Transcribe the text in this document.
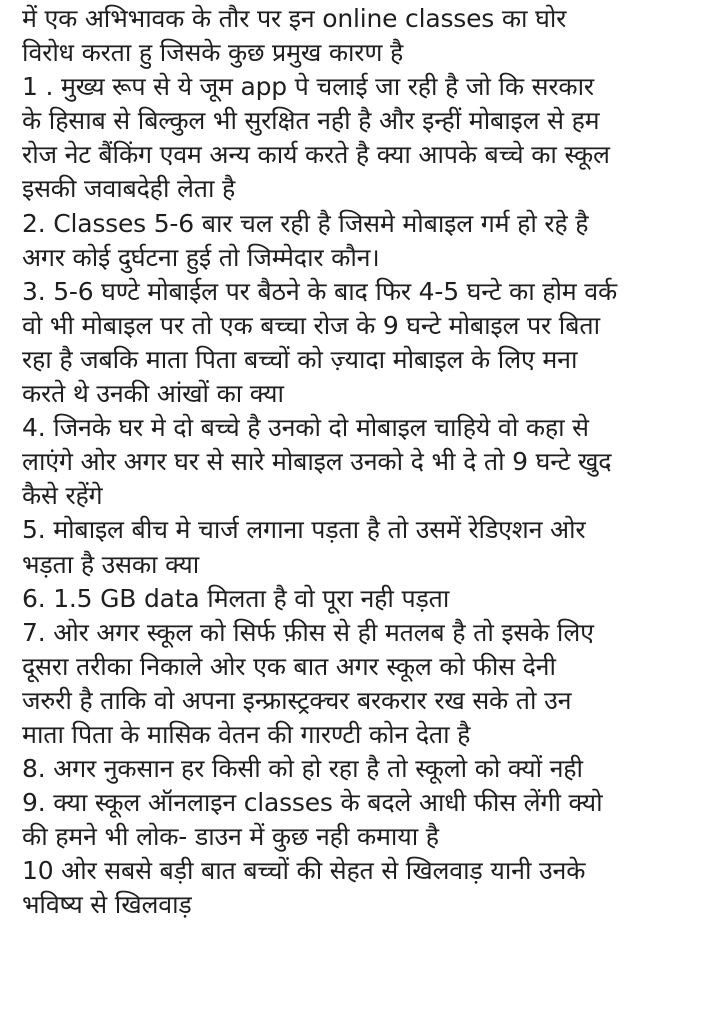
में एक अभिभावक के तौर पर इन online classes का घोर
विरोध करता हु जिसके कुछ प्रमुख कारण है
1 . मुख्य रूप से ये जूम app पे चलाई जा रही है जो कि सरकार
के हिसाब से बिल्कुल भी सुरक्षित नही है और इन्हीं मोबाइल से हम
रोज नेट बैंकिंग एवम अन्य कार्य करते है क्या आपके बच्चे का स्कूल
इसकी जवाबदेही लेता है
2. Classes 5-6 बार चल रही है जिसमे मोबाइल गर्म हो रहे है
अगर कोई दुर्घटना हुई तो जिम्मेदार कौन।
3. 5-6 घण्टे मोबाईल पर बैठने के बाद फिर 4-5 घन्टे का होम वर्क
वो भी मोबाइल पर तो एक बच्चा रोज के 9 घन्टे मोबाइल पर बिता
रहा है जबकि माता पिता बच्चों को ज़्यादा मोबाइल के लिए मना
करते थे उनकी आंखों का क्या
4. जिनके घर मे दो बच्चे है उनको दो मोबाइल चाहिये वो कहा से
लाएंगे ओर अगर घर से सारे मोबाइल उनको दे भी दे तो 9 घन्टे खुद
कैसे रहेंगे
5. मोबाइल बीच मे चार्ज लगाना पड़ता है तो उसमें रेडिएशन ओर
भड़ता है उसका क्या
6. 1.5 GB data मिलता है वो पूरा नही पड़ता
7. ओर अगर स्कूल को सिर्फ फ़ीस से ही मतलब है तो इसके लिए
दूसरा तरीका निकाले ओर एक बात अगर स्कूल को फीस देनी
जरुरी है ताकि वो अपना इन्फ्रास्ट्रक्चर बरकरार रख सके तो उन
माता पिता के मासिक वेतन की गारण्टी कोन देता है
8. अगर नुकसान हर किसी को हो रहा है तो स्कूलो को क्यों नही
9. क्या स्कूल ऑनलाइन classes के बदले आधी फीस लेंगी क्यो
की हमने भी लोक- डाउन में कुछ नही कमाया है
10 ओर सबसे बड़ी बात बच्चों की सेहत से खिलवाड़ यानी उनके
भविष्य से खिलवाड़
